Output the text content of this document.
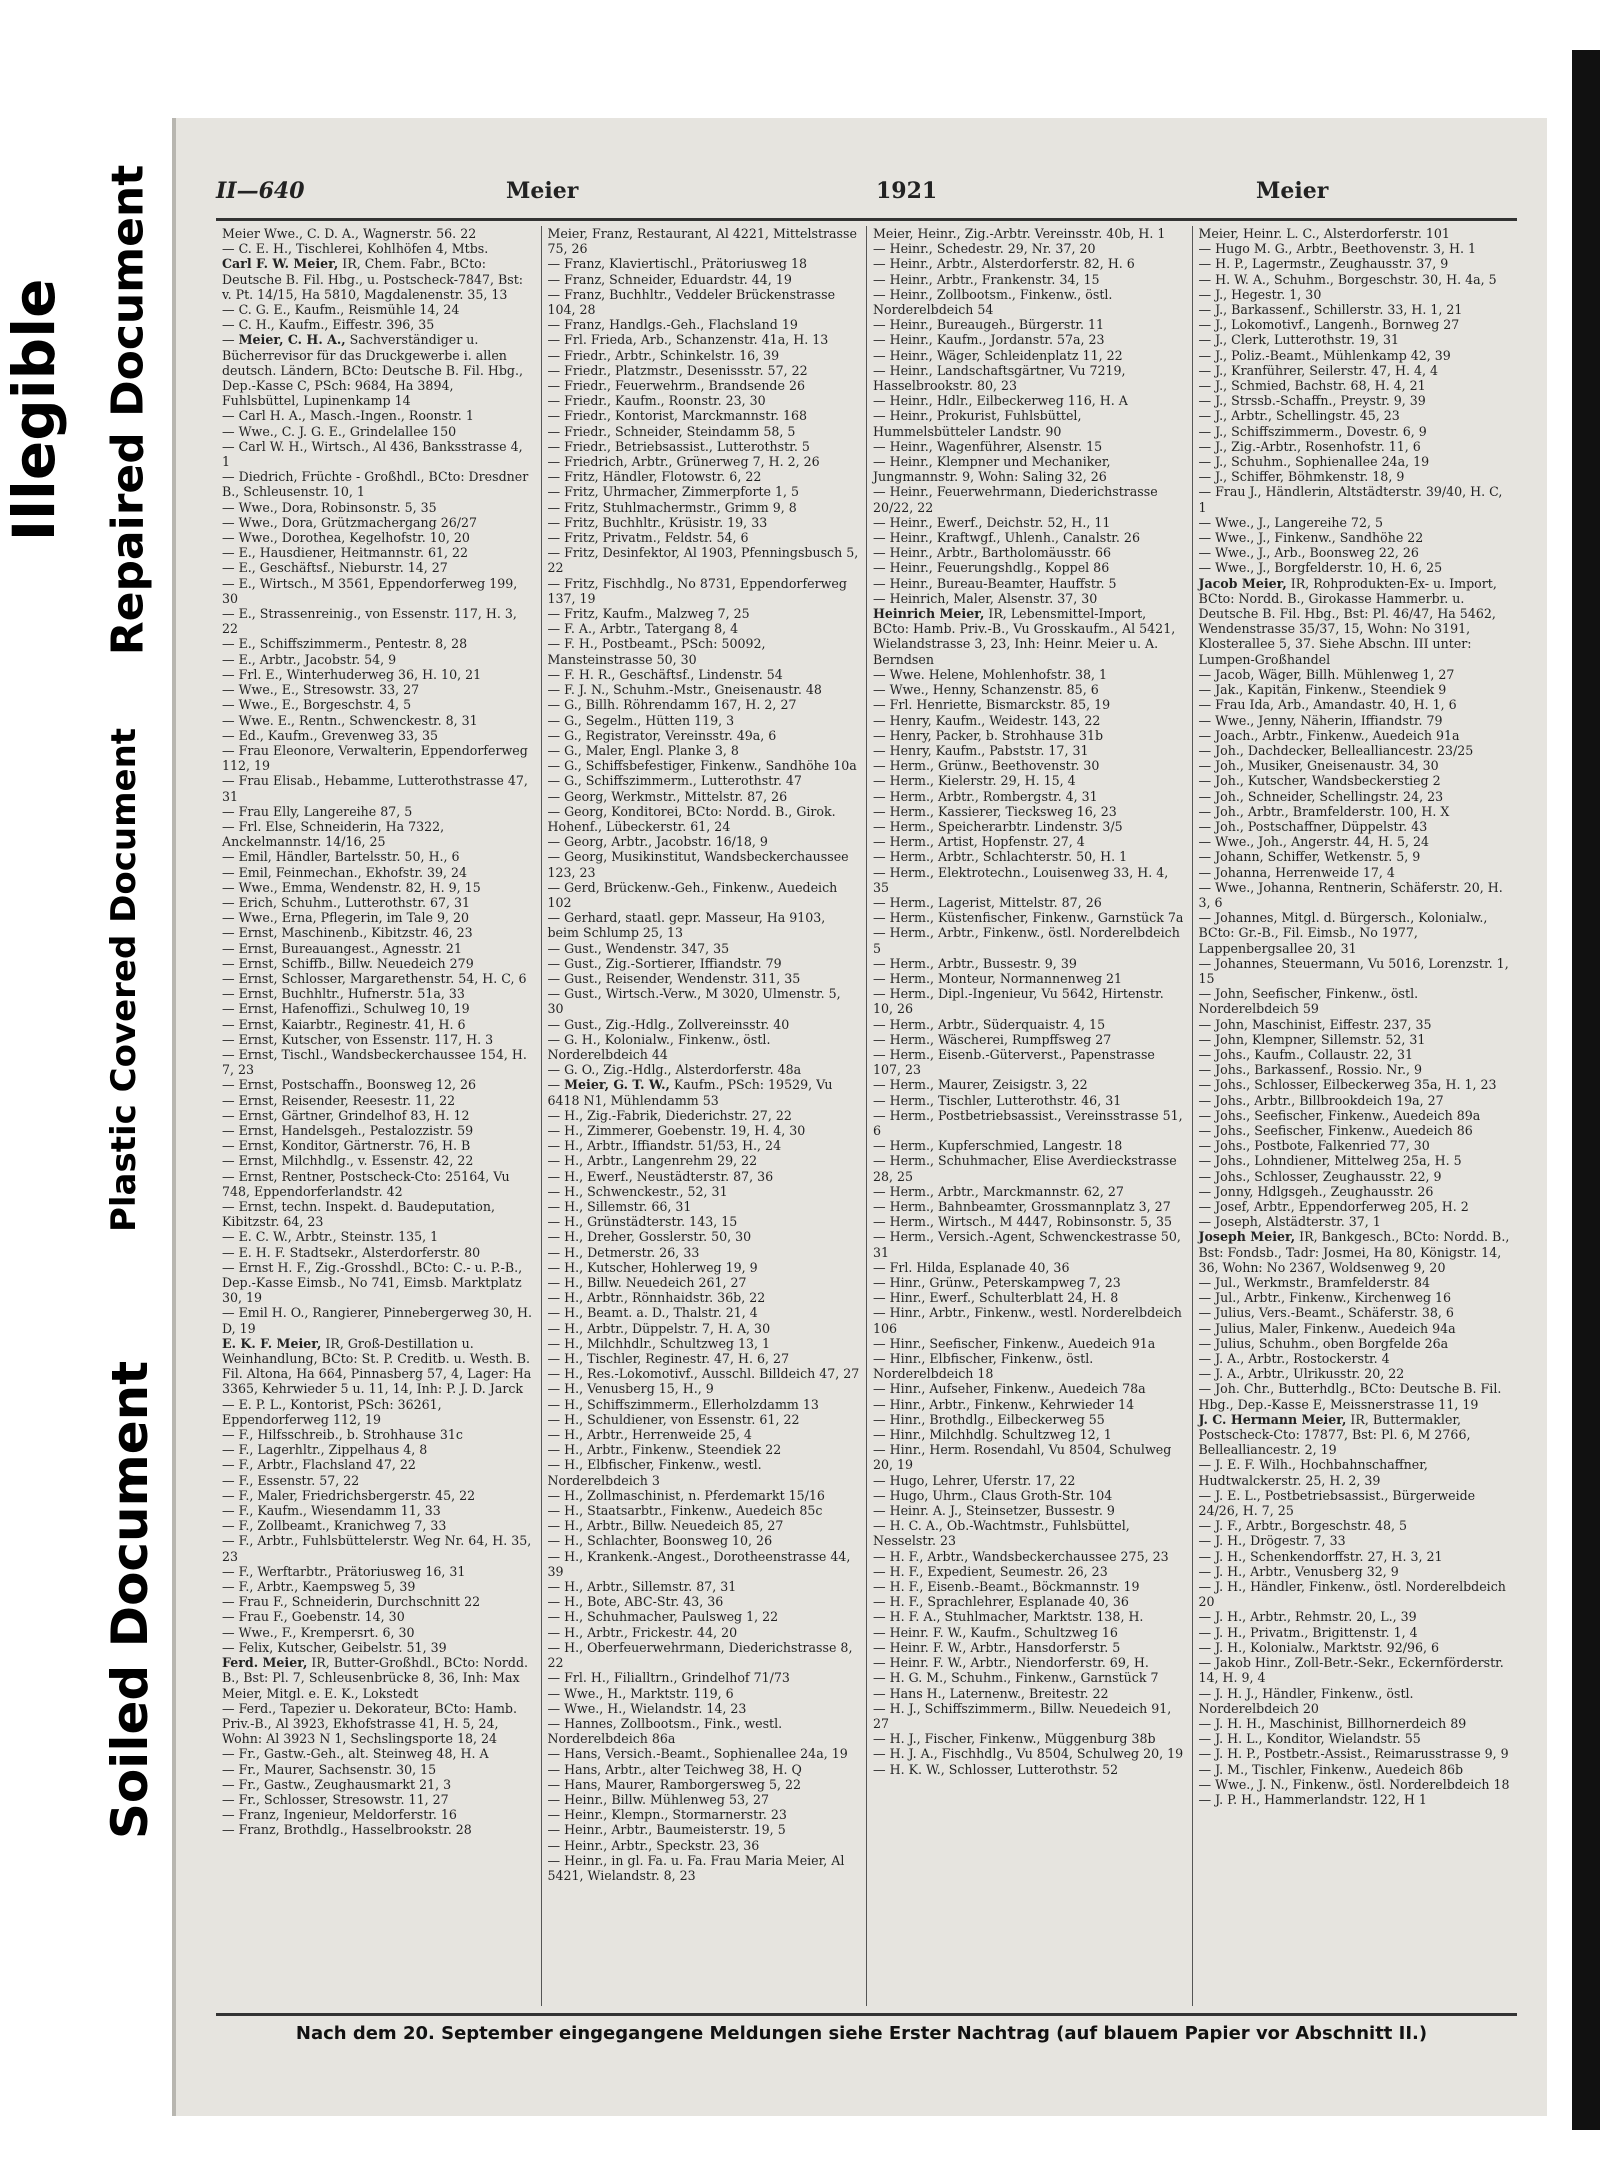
Illegible Repaired Document
Plastic Covered Document
Soiled Document
II—640	Meier	1921	Meier
Meier Wwe., C. D. A., Wagnerstr. 56. 22
— C. E. H., Tischlerei, Kohlhöfen 4, Mtbs.
Carl F. W. Meier, IR, Chem. Fabr., BCto: Deutsche B. Fil. Hbg., u. Postscheck-7847, Bst: v. Pt. 14/15, Ha 5810, Magdalenenstr. 35, 13
— C. G. E., Kaufm., Reismühle 14, 24
— C. H., Kaufm., Eiffestr. 396, 35
— Meier, C. H. A., Sachverständiger u. Bücherrevisor für das Druckgewerbe i. allen deutsch. Ländern, BCto: Deutsche B. Fil. Hbg., Dep.-Kasse C, PSch: 9684, Ha 3894, Fuhlsbüttel, Lupinenkamp 14
— Carl H. A., Masch.-Ingen., Roonstr. 1
— Wwe., C. J. G. E., Grindelallee 150
— Carl W. H., Wirtsch., Al 436, Banksstrasse 4, 1
— Diedrich, Früchte - Großhdl., BCto: Dresdner B., Schleusenstr. 10, 1
— Wwe., Dora, Robinsonstr. 5, 35
— Wwe., Dora, Grützmachergang 26/27
— Wwe., Dorothea, Kegelhofstr. 10, 20
— E., Hausdiener, Heitmannstr. 61, 22
— E., Geschäftsf., Nieburstr. 14, 27
— E., Wirtsch., M 3561, Eppendorferweg 199, 30
— E., Strassenreinig., von Essenstr. 117, H. 3, 22
— E., Schiffszimmerm., Pentestr. 8, 28
— E., Arbtr., Jacobstr. 54, 9
— Frl. E., Winterhuderweg 36, H. 10, 21
— Wwe., E., Stresowstr. 33, 27
— Wwe., E., Borgeschstr. 4, 5
— Wwe. E., Rentn., Schwenckestr. 8, 31
— Ed., Kaufm., Grevenweg 33, 35
— Frau Eleonore, Verwalterin, Eppendorferweg 112, 19
— Frau Elisab., Hebamme, Lutterothstrasse 47, 31
— Frau Elly, Langereihe 87, 5
— Frl. Else, Schneiderin, Ha 7322, Anckelmannstr. 14/16, 25
— Emil, Händler, Bartelsstr. 50, H., 6
— Emil, Feinmechan., Ekhofstr. 39, 24
— Wwe., Emma, Wendenstr. 82, H. 9, 15
— Erich, Schuhm., Lutterothstr. 67, 31
— Wwe., Erna, Pflegerin, im Tale 9, 20
— Ernst, Maschinenb., Kibitzstr. 46, 23
— Ernst, Bureauangest., Agnesstr. 21
— Ernst, Schiffb., Billw. Neuedeich 279
— Ernst, Schlosser, Margarethenstr. 54, H. C, 6
— Ernst, Buchhltr., Hufnerstr. 51a, 33
— Ernst, Hafenoffizi., Schulweg 10, 19
— Ernst, Kaiarbtr., Reginestr. 41, H. 6
— Ernst, Kutscher, von Essenstr. 117, H. 3
— Ernst, Tischl., Wandsbeckerchaussee 154, H. 7, 23
— Ernst, Postschaffn., Boonsweg 12, 26
— Ernst, Reisender, Reesestr. 11, 22
— Ernst, Gärtner, Grindelhof 83, H. 12
— Ernst, Handelsgeh., Pestalozzistr. 59
— Ernst, Konditor, Gärtnerstr. 76, H. B
— Ernst, Milchhdlg., v. Essenstr. 42, 22
— Ernst, Rentner, Postscheck-Cto: 25164, Vu 748, Eppendorferlandstr. 42
— Ernst, techn. Inspekt. d. Baudeputation, Kibitzstr. 64, 23
— E. C. W., Arbtr., Steinstr. 135, 1
— E. H. F. Stadtsekr., Alsterdorferstr. 80
— Ernst H. F., Zig.-Grosshdl., BCto: C.- u. P.-B., Dep.-Kasse Eimsb., No 741, Eimsb. Marktplatz 30, 19
— Emil H. O., Rangierer, Pinnebergerweg 30, H. D, 19
E. K. F. Meier, IR, Groß-Destillation u. Weinhandlung, BCto: St. P. Creditb. u. Westh. B. Fil. Altona, Ha 664, Pinnasberg 57, 4, Lager: Ha 3365, Kehrwieder 5 u. 11, 14, Inh: P. J. D. Jarck
— E. P. L., Kontorist, PSch: 36261, Eppendorferweg 112, 19
— F., Hilfsschreib., b. Strohhause 31c
— F., Lagerhltr., Zippelhaus 4, 8
— F., Arbtr., Flachsland 47, 22
— F., Essenstr. 57, 22
— F., Maler, Friedrichsbergerstr. 45, 22
— F., Kaufm., Wiesendamm 11, 33
— F., Zollbeamt., Kranichweg 7, 33
— F., Arbtr., Fuhlsbüttelerstr. Weg Nr. 64, H. 35, 23
— F., Werftarbtr., Prätoriusweg 16, 31
— F., Arbtr., Kaempsweg 5, 39
— Frau F., Schneiderin, Durchschnitt 22
— Frau F., Goebenstr. 14, 30
— Wwe., F., Krempersrt. 6, 30
— Felix, Kutscher, Geibelstr. 51, 39
Ferd. Meier, IR, Butter-Großhdl., BCto: Nordd. B., Bst: Pl. 7, Schleusenbrücke 8, 36, Inh: Max Meier, Mitgl. e. E. K., Lokstedt
— Ferd., Tapezier u. Dekorateur, BCto: Hamb. Priv.-B., Al 3923, Ekhofstrasse 41, H. 5, 24, Wohn: Al 3923 N 1, Sechslingsporte 18, 24
— Fr., Gastw.-Geh., alt. Steinweg 48, H. A
— Fr., Maurer, Sachsenstr. 30, 15
— Fr., Gastw., Zeughausmarkt 21, 3
— Fr., Schlosser, Stresowstr. 11, 27
— Franz, Ingenieur, Meldorferstr. 16
— Franz, Brothdlg., Hasselbrookstr. 28
Meier, Franz, Restaurant, Al 4221, Mittelstrasse 75, 26
— Franz, Klaviertischl., Prätoriusweg 18
— Franz, Schneider, Eduardstr. 44, 19
— Franz, Buchhltr., Veddeler Brückenstrasse 104, 28
— Franz, Handlgs.-Geh., Flachsland 19
— Frl. Frieda, Arb., Schanzenstr. 41a, H. 13
— Friedr., Arbtr., Schinkelstr. 16, 39
— Friedr., Platzmstr., Desenissstr. 57, 22
— Friedr., Feuerwehrm., Brandsende 26
— Friedr., Kaufm., Roonstr. 23, 30
— Friedr., Kontorist, Marckmannstr. 168
— Friedr., Schneider, Steindamm 58, 5
— Friedr., Betriebsassist., Lutterothstr. 5
— Friedrich, Arbtr., Grünerweg 7, H. 2, 26
— Fritz, Händler, Flotowstr. 6, 22
— Fritz, Uhrmacher, Zimmerpforte 1, 5
— Fritz, Stuhlmachermstr., Grimm 9, 8
— Fritz, Buchhltr., Krüsistr. 19, 33
— Fritz, Privatm., Feldstr. 54, 6
— Fritz, Desinfektor, Al 1903, Pfenningsbusch 5, 22
— Fritz, Fischhdlg., No 8731, Eppendorferweg 137, 19
— Fritz, Kaufm., Malzweg 7, 25
— F. A., Arbtr., Tatergang 8, 4
— F. H., Postbeamt., PSch: 50092, Mansteinstrasse 50, 30
— F. H. R., Geschäftsf., Lindenstr. 54
— F. J. N., Schuhm.-Mstr., Gneisenaustr. 48
— G., Billh. Röhrendamm 167, H. 2, 27
— G., Segelm., Hütten 119, 3
— G., Registrator, Vereinsstr. 49a, 6
— G., Maler, Engl. Planke 3, 8
— G., Schiffsbefestiger, Finkenw., Sandhöhe 10a
— G., Schiffszimmerm., Lutterothstr. 47
— Georg, Werkmstr., Mittelstr. 87, 26
— Georg, Konditorei, BCto: Nordd. B., Girok. Hohenf., Lübeckerstr. 61, 24
— Georg, Arbtr., Jacobstr. 16/18, 9
— Georg, Musikinstitut, Wandsbeckerchaussee 123, 23
— Gerd, Brückenw.-Geh., Finkenw., Auedeich 102
— Gerhard, staatl. gepr. Masseur, Ha 9103, beim Schlump 25, 13
— Gust., Wendenstr. 347, 35
— Gust., Zig.-Sortierer, Iffiandstr. 79
— Gust., Reisender, Wendenstr. 311, 35
— Gust., Wirtsch.-Verw., M 3020, Ulmenstr. 5, 30
— Gust., Zig.-Hdlg., Zollvereinsstr. 40
— G. H., Kolonialw., Finkenw., östl. Norderelbdeich 44
— G. O., Zig.-Hdlg., Alsterdorferstr. 48a
— Meier, G. T. W., Kaufm., PSch: 19529, Vu 6418 N1, Mühlendamm 53
— H., Zig.-Fabrik, Diederichstr. 27, 22
— H., Zimmerer, Goebenstr. 19, H. 4, 30
— H., Arbtr., Iffiandstr. 51/53, H., 24
— H., Arbtr., Langenrehm 29, 22
— H., Ewerf., Neustädterstr. 87, 36
— H., Schwenckestr., 52, 31
— H., Sillemstr. 66, 31
— H., Grünstädterstr. 143, 15
— H., Dreher, Gosslerstr. 50, 30
— H., Detmerstr. 26, 33
— H., Kutscher, Hohlerweg 19, 9
— H., Billw. Neuedeich 261, 27
— H., Arbtr., Rönnhaidstr. 36b, 22
— H., Beamt. a. D., Thalstr. 21, 4
— H., Arbtr., Düppelstr. 7, H. A, 30
— H., Milchhdlr., Schultzweg 13, 1
— H., Tischler, Reginestr. 47, H. 6, 27
— H., Res.-Lokomotivf., Ausschl. Billdeich 47, 27
— H., Venusberg 15, H., 9
— H., Schiffszimmerm., Ellerholzdamm 13
— H., Schuldiener, von Essenstr. 61, 22
— H., Arbtr., Herrenweide 25, 4
— H., Arbtr., Finkenw., Steendiek 22
— H., Elbfischer, Finkenw., westl. Norderelbdeich 3
— H., Zollmaschinist, n. Pferdemarkt 15/16
— H., Staatsarbtr., Finkenw., Auedeich 85c
— H., Arbtr., Billw. Neuedeich 85, 27
— H., Schlachter, Boonsweg 10, 26
— H., Krankenk.-Angest., Dorotheenstrasse 44, 39
— H., Arbtr., Sillemstr. 87, 31
— H., Bote, ABC-Str. 43, 36
— H., Schuhmacher, Paulsweg 1, 22
— H., Arbtr., Frickestr. 44, 20
— H., Oberfeuerwehrmann, Diederichstrasse 8, 22
— Frl. H., Filialltrn., Grindelhof 71/73
— Wwe., H., Marktstr. 119, 6
— Wwe., H., Wielandstr. 14, 23
— Hannes, Zollbootsm., Fink., westl. Norderelbdeich 86a
— Hans, Versich.-Beamt., Sophienallee 24a, 19
— Hans, Arbtr., alter Teichweg 38, H. Q
— Hans, Maurer, Ramborgersweg 5, 22
— Heinr., Billw. Mühlenweg 53, 27
— Heinr., Klempn., Stormarnerstr. 23
— Heinr., Arbtr., Baumeisterstr. 19, 5
— Heinr., Arbtr., Speckstr. 23, 36
— Heinr., in gl. Fa. u. Fa. Frau Maria Meier, Al 5421, Wielandstr. 8, 23
Meier, Heinr., Zig.-Arbtr. Vereinsstr. 40b, H. 1
— Heinr., Schedestr. 29, Nr. 37, 20
— Heinr., Arbtr., Alsterdorferstr. 82, H. 6
— Heinr., Arbtr., Frankenstr. 34, 15
— Heinr., Zollbootsm., Finkenw., östl. Norderelbdeich 54
— Heinr., Bureaugeh., Bürgerstr. 11
— Heinr., Kaufm., Jordanstr. 57a, 23
— Heinr., Wäger, Schleidenplatz 11, 22
— Heinr., Landschaftsgärtner, Vu 7219, Hasselbrookstr. 80, 23
— Heinr., Hdlr., Eilbeckerweg 116, H. A
— Heinr., Prokurist, Fuhlsbüttel, Hummelsbütteler Landstr. 90
— Heinr., Wagenführer, Alsenstr. 15
— Heinr., Klempner und Mechaniker, Jungmannstr. 9, Wohn: Saling 32, 26
— Heinr., Feuerwehrmann, Diederichstrasse 20/22, 22
— Heinr., Ewerf., Deichstr. 52, H., 11
— Heinr., Kraftwgf., Uhlenh., Canalstr. 26
— Heinr., Arbtr., Bartholomäusstr. 66
— Heinr., Feuerungshdlg., Koppel 86
— Heinr., Bureau-Beamter, Hauffstr. 5
— Heinrich, Maler, Alsenstr. 37, 30
Heinrich Meier, IR, Lebensmittel-Import, BCto: Hamb. Priv.-B., Vu Grosskaufm., Al 5421, Wielandstrasse 3, 23, Inh: Heinr. Meier u. A. Berndsen
— Wwe. Helene, Mohlenhofstr. 38, 1
— Wwe., Henny, Schanzenstr. 85, 6
— Frl. Henriette, Bismarckstr. 85, 19
— Henry, Kaufm., Weidestr. 143, 22
— Henry, Packer, b. Strohhause 31b
— Henry, Kaufm., Pabststr. 17, 31
— Herm., Grünw., Beethovenstr. 30
— Herm., Kielerstr. 29, H. 15, 4
— Herm., Arbtr., Rombergstr. 4, 31
— Herm., Kassierer, Tiecksweg 16, 23
— Herm., Speicherarbtr. Lindenstr. 3/5
— Herm., Artist, Hopfenstr. 27, 4
— Herm., Arbtr., Schlachterstr. 50, H. 1
— Herm., Elektrotechn., Louisenweg 33, H. 4, 35
— Herm., Lagerist, Mittelstr. 87, 26
— Herm., Küstenfischer, Finkenw., Garnstück 7a
— Herm., Arbtr., Finkenw., östl. Norderelbdeich 5
— Herm., Arbtr., Bussestr. 9, 39
— Herm., Monteur, Normannenweg 21
— Herm., Dipl.-Ingenieur, Vu 5642, Hirtenstr. 10, 26
— Herm., Arbtr., Süderquaistr. 4, 15
— Herm., Wäscherei, Rumpffsweg 27
— Herm., Eisenb.-Güterverst., Papenstrasse 107, 23
— Herm., Maurer, Zeisigstr. 3, 22
— Herm., Tischler, Lutterothstr. 46, 31
— Herm., Postbetriebsassist., Vereinsstrasse 51, 6
— Herm., Kupferschmied, Langestr. 18
— Herm., Schuhmacher, Elise Averdieckstrasse 28, 25
— Herm., Arbtr., Marckmannstr. 62, 27
— Herm., Bahnbeamter, Grossmannplatz 3, 27
— Herm., Wirtsch., M 4447, Robinsonstr. 5, 35
— Herm., Versich.-Agent, Schwenckestrasse 50, 31
— Frl. Hilda, Esplanade 40, 36
— Hinr., Grünw., Peterskampweg 7, 23
— Hinr., Ewerf., Schulterblatt 24, H. 8
— Hinr., Arbtr., Finkenw., westl. Norderelbdeich 106
— Hinr., Seefischer, Finkenw., Auedeich 91a
— Hinr., Elbfischer, Finkenw., östl. Norderelbdeich 18
— Hinr., Aufseher, Finkenw., Auedeich 78a
— Hinr., Arbtr., Finkenw., Kehrwieder 14
— Hinr., Brothdlg., Eilbeckerweg 55
— Hinr., Milchhdlg. Schultzweg 12, 1
— Hinr., Herm. Rosendahl, Vu 8504, Schulweg 20, 19
— Hugo, Lehrer, Uferstr. 17, 22
— Hugo, Uhrm., Claus Groth-Str. 104
— Heinr. A. J., Steinsetzer, Bussestr. 9
— H. C. A., Ob.-Wachtmstr., Fuhlsbüttel, Nesselstr. 23
— H. F., Arbtr., Wandsbeckerchaussee 275, 23
— H. F., Expedient, Seumestr. 26, 23
— H. F., Eisenb.-Beamt., Böckmannstr. 19
— H. F., Sprachlehrer, Esplanade 40, 36
— H. F. A., Stuhlmacher, Marktstr. 138, H.
— Heinr. F. W., Kaufm., Schultzweg 16
— Heinr. F. W., Arbtr., Hansdorferstr. 5
— Heinr. F. W., Arbtr., Niendorferstr. 69, H.
— H. G. M., Schuhm., Finkenw., Garnstück 7
— Hans H., Laternenw., Breitestr. 22
— H. J., Schiffszimmerm., Billw. Neuedeich 91, 27
— H. J., Fischer, Finkenw., Müggenburg 38b
— H. J. A., Fischhdlg., Vu 8504, Schulweg 20, 19
— H. K. W., Schlosser, Lutterothstr. 52
Meier, Heinr. L. C., Alsterdorferstr. 101
— Hugo M. G., Arbtr., Beethovenstr. 3, H. 1
— H. P., Lagermstr., Zeughausstr. 37, 9
— H. W. A., Schuhm., Borgeschstr. 30, H. 4a, 5
— J., Hegestr. 1, 30
— J., Barkassenf., Schillerstr. 33, H. 1, 21
— J., Lokomotivf., Langenh., Bornweg 27
— J., Clerk, Lutterothstr. 19, 31
— J., Poliz.-Beamt., Mühlenkamp 42, 39
— J., Kranführer, Seilerstr. 47, H. 4, 4
— J., Schmied, Bachstr. 68, H. 4, 21
— J., Strssb.-Schaffn., Preystr. 9, 39
— J., Arbtr., Schellingstr. 45, 23
— J., Schiffszimmerm., Dovestr. 6, 9
— J., Zig.-Arbtr., Rosenhofstr. 11, 6
— J., Schuhm., Sophienallee 24a, 19
— J., Schiffer, Böhmkenstr. 18, 9
— Frau J., Händlerin, Altstädterstr. 39/40, H. C, 1
— Wwe., J., Langereihe 72, 5
— Wwe., J., Finkenw., Sandhöhe 22
— Wwe., J., Arb., Boonsweg 22, 26
— Wwe., J., Borgfelderstr. 10, H. 6, 25
Jacob Meier, IR, Rohprodukten-Ex- u. Import, BCto: Nordd. B., Girokasse Hammerbr. u. Deutsche B. Fil. Hbg., Bst: Pl. 46/47, Ha 5462, Wendenstrasse 35/37, 15, Wohn: No 3191, Klosterallee 5, 37. Siehe Abschn. III unter: Lumpen-Großhandel
— Jacob, Wäger, Billh. Mühlenweg 1, 27
— Jak., Kapitän, Finkenw., Steendiek 9
— Frau Ida, Arb., Amandastr. 40, H. 1, 6
— Wwe., Jenny, Näherin, Iffiandstr. 79
— Joach., Arbtr., Finkenw., Auedeich 91a
— Joh., Dachdecker, Bellealliancestr. 23/25
— Joh., Musiker, Gneisenaustr. 34, 30
— Joh., Kutscher, Wandsbeckerstieg 2
— Joh., Schneider, Schellingstr. 24, 23
— Joh., Arbtr., Bramfelderstr. 100, H. X
— Joh., Postschaffner, Düppelstr. 43
— Wwe., Joh., Angerstr. 44, H. 5, 24
— Johann, Schiffer, Wetkenstr. 5, 9
— Johanna, Herrenweide 17, 4
— Wwe., Johanna, Rentnerin, Schäferstr. 20, H. 3, 6
— Johannes, Mitgl. d. Bürgersch., Kolonialw., BCto: Gr.-B., Fil. Eimsb., No 1977, Lappenbergsallee 20, 31
— Johannes, Steuermann, Vu 5016, Lorenzstr. 1, 15
— John, Seefischer, Finkenw., östl. Norderelbdeich 59
— John, Maschinist, Eiffestr. 237, 35
— John, Klempner, Sillemstr. 52, 31
— Johs., Kaufm., Collaustr. 22, 31
— Johs., Barkassenf., Rossio. Nr., 9
— Johs., Schlosser, Eilbeckerweg 35a, H. 1, 23
— Johs., Arbtr., Billbrookdeich 19a, 27
— Johs., Seefischer, Finkenw., Auedeich 89a
— Johs., Seefischer, Finkenw., Auedeich 86
— Johs., Postbote, Falkenried 77, 30
— Johs., Lohndiener, Mittelweg 25a, H. 5
— Johs., Schlosser, Zeughausstr. 22, 9
— Jonny, Hdlgsgeh., Zeughausstr. 26
— Josef, Arbtr., Eppendorferweg 205, H. 2
— Joseph, Alstädterstr. 37, 1
Joseph Meier, IR, Bankgesch., BCto: Nordd. B., Bst: Fondsb., Tadr: Josmei, Ha 80, Königstr. 14, 36, Wohn: No 2367, Woldsenweg 9, 20
— Jul., Werkmstr., Bramfelderstr. 84
— Jul., Arbtr., Finkenw., Kirchenweg 16
— Julius, Vers.-Beamt., Schäferstr. 38, 6
— Julius, Maler, Finkenw., Auedeich 94a
— Julius, Schuhm., oben Borgfelde 26a
— J. A., Arbtr., Rostockerstr. 4
— J. A., Arbtr., Ulrikusstr. 20, 22
— Joh. Chr., Butterhdlg., BCto: Deutsche B. Fil. Hbg., Dep.-Kasse E, Meissnerstrasse 11, 19
J. C. Hermann Meier, IR, Buttermakler, Postscheck-Cto: 17877, Bst: Pl. 6, M 2766, Bellealliancestr. 2, 19
— J. E. F. Wilh., Hochbahnschaffner, Hudtwalckerstr. 25, H. 2, 39
— J. E. L., Postbetriebsassist., Bürgerweide 24/26, H. 7, 25
— J. F., Arbtr., Borgeschstr. 48, 5
— J. H., Drögestr. 7, 33
— J. H., Schenkendorffstr. 27, H. 3, 21
— J. H., Arbtr., Venusberg 32, 9
— J. H., Händler, Finkenw., östl. Norderelbdeich 20
— J. H., Arbtr., Rehmstr. 20, L., 39
— J. H., Privatm., Brigittenstr. 1, 4
— J. H., Kolonialw., Marktstr. 92/96, 6
— Jakob Hinr., Zoll-Betr.-Sekr., Eckernförderstr. 14, H. 9, 4
— J. H. J., Händler, Finkenw., östl. Norderelbdeich 20
— J. H. H., Maschinist, Billhornerdeich 89
— J. H. L., Konditor, Wielandstr. 55
— J. H. P., Postbetr.-Assist., Reimarusstrasse 9, 9
— J. M., Tischler, Finkenw., Auedeich 86b
— Wwe., J. N., Finkenw., östl. Norderelbdeich 18
— J. P. H., Hammerlandstr. 122, H 1
Nach dem 20. September eingegangene Meldungen siehe Erster Nachtrag (auf blauem Papier vor Abschnitt II.)
